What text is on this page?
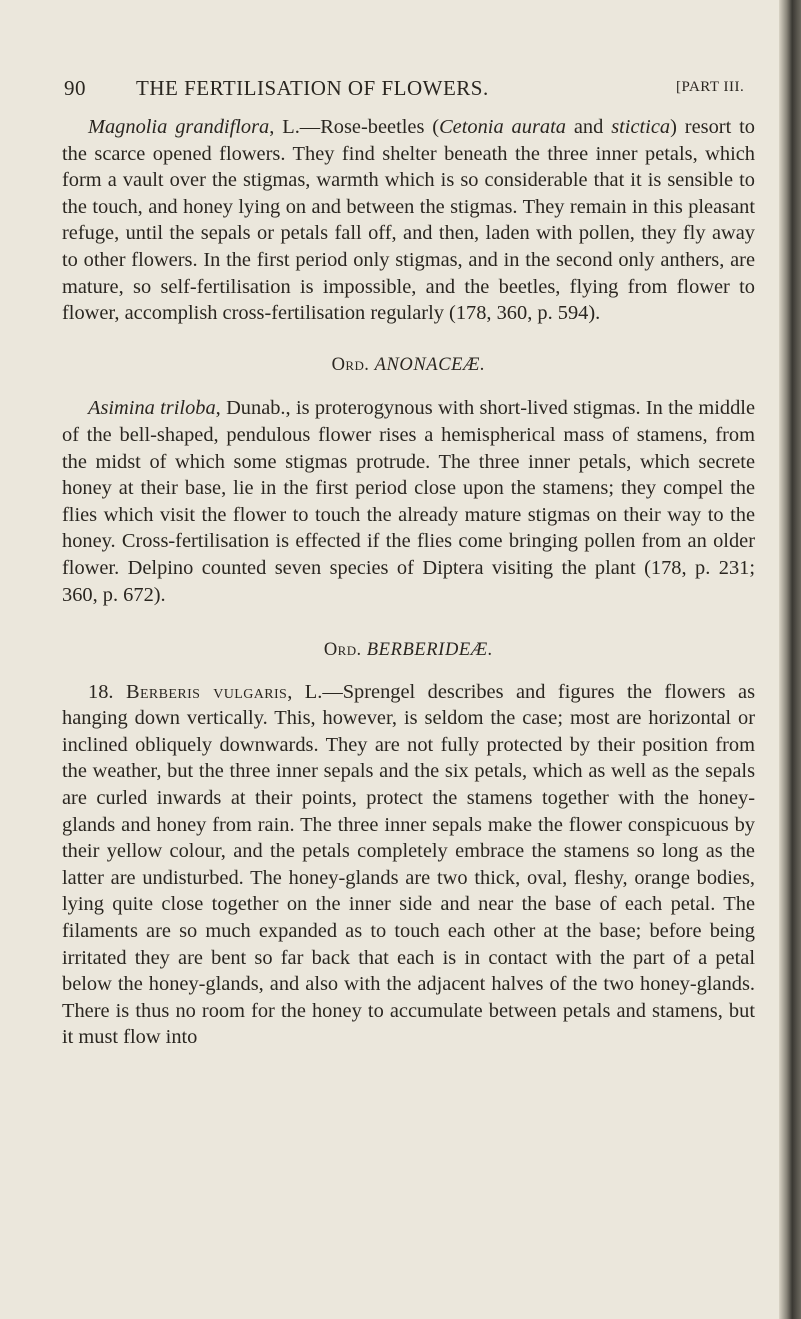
90 THE FERTILISATION OF FLOWERS.	[PART III.

Magnolia grandiflora, L.—Rose-beetles (Cetonia aurata and stictica) resort to the scarce opened flowers. They find shelter beneath the three inner petals, which form a vault over the stigmas, warmth which is so considerable that it is sensible to the touch, and honey lying on and between the stigmas. They remain in this pleasant refuge, until the sepals or petals fall off, and then, laden with pollen, they fly away to other flowers. In the first period only stigmas, and in the second only anthers, are mature, so self-fertilisation is impossible, and the beetles, flying from flower to flower, accomplish cross-fertilisation regularly (178, 360, p. 594).

Ord. ANONACEÆ.

Asimina triloba, Dunab., is proterogynous with short-lived stigmas. In the middle of the bell-shaped, pendulous flower rises a hemispherical mass of stamens, from the midst of which some stigmas protrude. The three inner petals, which secrete honey at their base, lie in the first period close upon the stamens; they compel the flies which visit the flower to touch the already mature stigmas on their way to the honey. Cross-fertilisation is effected if the flies come bringing pollen from an older flower. Delpino counted seven species of Diptera visiting the plant (178, p. 231; 360, p. 672).

Ord. BERBERIDEÆ.

18. Berberis vulgaris, L.—Sprengel describes and figures the flowers as hanging down vertically. This, however, is seldom the case; most are horizontal or inclined obliquely downwards. They are not fully protected by their position from the weather, but the three inner sepals and the six petals, which as well as the sepals are curled inwards at their points, protect the stamens together with the honey-glands and honey from rain. The three inner sepals make the flower conspicuous by their yellow colour, and the petals completely embrace the stamens so long as the latter are undisturbed. The honey-glands are two thick, oval, fleshy, orange bodies, lying quite close together on the inner side and near the base of each petal. The filaments are so much expanded as to touch each other at the base; before being irritated they are bent so far back that each is in contact with the part of a petal below the honey-glands, and also with the adjacent halves of the two honey-glands. There is thus no room for the honey to accumulate between petals and stamens, but it must flow into
